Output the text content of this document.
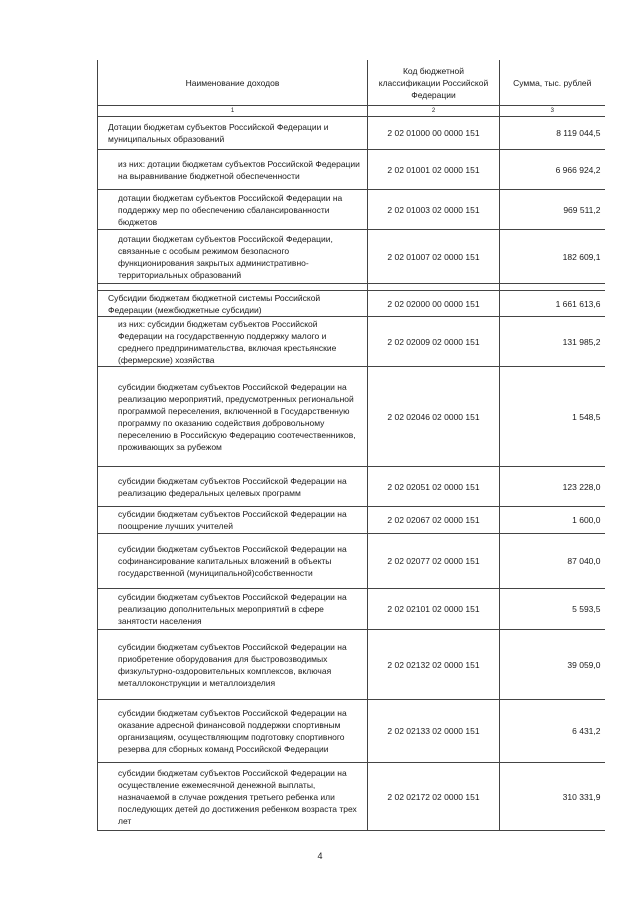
Наименование доходов	Код бюджетной классификации Российской Федерации	Сумма, тыс. рублей
1	2	3
Дотации бюджетам субъектов Российской Федерации и муниципальных образований	2 02 01000 00 0000 151	8 119 044,5
из них: дотации бюджетам субъектов Российской Федерации на выравнивание бюджетной обеспеченности	2 02 01001 02 0000 151	6 966 924,2
дотации бюджетам субъектов Российской Федерации на поддержку мер по обеспечению сбалансированности бюджетов	2 02 01003 02 0000 151	969 511,2
дотации бюджетам субъектов Российской Федерации, связанные с особым режимом безопасного функционирования закрытых административно-территориальных образований	2 02 01007 02 0000 151	182 609,1

Субсидии бюджетам бюджетной системы Российской Федерации (межбюджетные субсидии)	2 02 02000 00 0000 151	1 661 613,6
из них: субсидии бюджетам субъектов Российской Федерации на государственную поддержку малого и среднего предпринимательства, включая крестьянские (фермерские) хозяйства	2 02 02009 02 0000 151	131 985,2
субсидии бюджетам субъектов Российской Федерации на реализацию мероприятий, предусмотренных региональной программой переселения, включенной в Государственную программу по оказанию содействия добровольному переселению в Российскую Федерацию соотечественников, проживающих за рубежом	2 02 02046 02 0000 151	1 548,5
субсидии бюджетам субъектов Российской Федерации на реализацию федеральных целевых программ	2 02 02051 02 0000 151	123 228,0
субсидии бюджетам субъектов Российской Федерации на поощрение лучших учителей	2 02 02067 02 0000 151	1 600,0
субсидии бюджетам субъектов Российской Федерации на софинансирование капитальных вложений в объекты государственной (муниципальной)собственности	2 02 02077 02 0000 151	87 040,0
субсидии бюджетам субъектов Российской Федерации на реализацию дополнительных мероприятий в сфере занятости населения	2 02 02101 02 0000 151	5 593,5
субсидии бюджетам субъектов Российской Федерации на приобретение оборудования для быстровозводимых физкультурно-оздоровительных комплексов, включая металлоконструкции и металлоизделия	2 02 02132 02 0000 151	39 059,0
субсидии бюджетам субъектов Российской Федерации на оказание адресной финансовой поддержки спортивным организациям, осуществляющим подготовку спортивного резерва для сборных команд Российской Федерации	2 02 02133 02 0000 151	6 431,2
субсидии бюджетам субъектов Российской Федерации на осуществление ежемесячной денежной выплаты, назначаемой в случае рождения третьего ребенка или последующих детей до достижения ребенком возраста трех лет	2 02 02172 02 0000 151	310 331,9
4
